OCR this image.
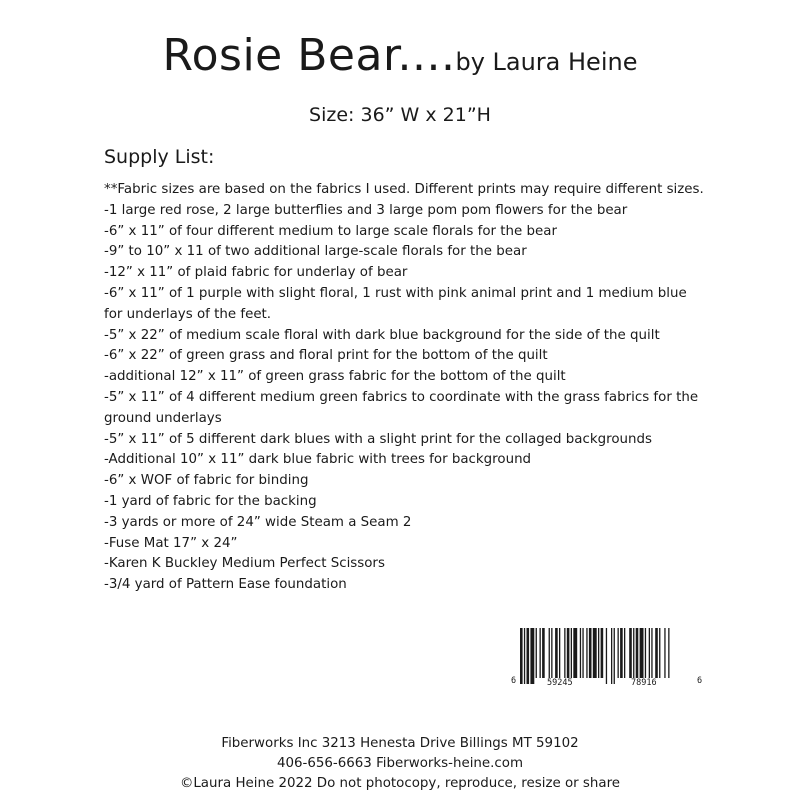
Rosie Bear....by Laura Heine
Size: 36” W x 21”H
Supply List:
**Fabric sizes are based on the fabrics I used. Different prints may require different sizes.
-1 large red rose, 2 large butterflies and 3 large pom pom flowers for the bear
-6” x 11” of four different medium to large scale florals for the bear
-9” to 10” x 11 of two additional large-scale florals for the bear
-12” x 11” of plaid fabric for underlay of bear
-6” x 11” of 1 purple with slight floral, 1 rust with pink animal print and 1 medium blue for underlays of the feet.
-5” x 22” of medium scale floral with dark blue background for the side of the quilt
-6” x 22” of green grass and floral print for the bottom of the quilt
-additional 12” x 11” of green grass fabric for the bottom of the quilt
-5” x 11” of 4 different medium green fabrics to coordinate with the grass fabrics for the ground underlays
-5” x 11” of 5 different dark blues with a slight print for the collaged backgrounds
-Additional 10” x 11” dark blue fabric with trees for background
-6” x WOF of fabric for binding
-1 yard of fabric for the backing
-3 yards or more of 24” wide Steam a Seam 2
-Fuse Mat 17” x 24”
-Karen K Buckley Medium Perfect Scissors
-3/4 yard of Pattern Ease foundation
6	59245	78916	6
Fiberworks Inc 3213 Henesta Drive Billings MT 59102
406-656-6663 Fiberworks-heine.com
©Laura Heine 2022 Do not photocopy, reproduce, resize or share
